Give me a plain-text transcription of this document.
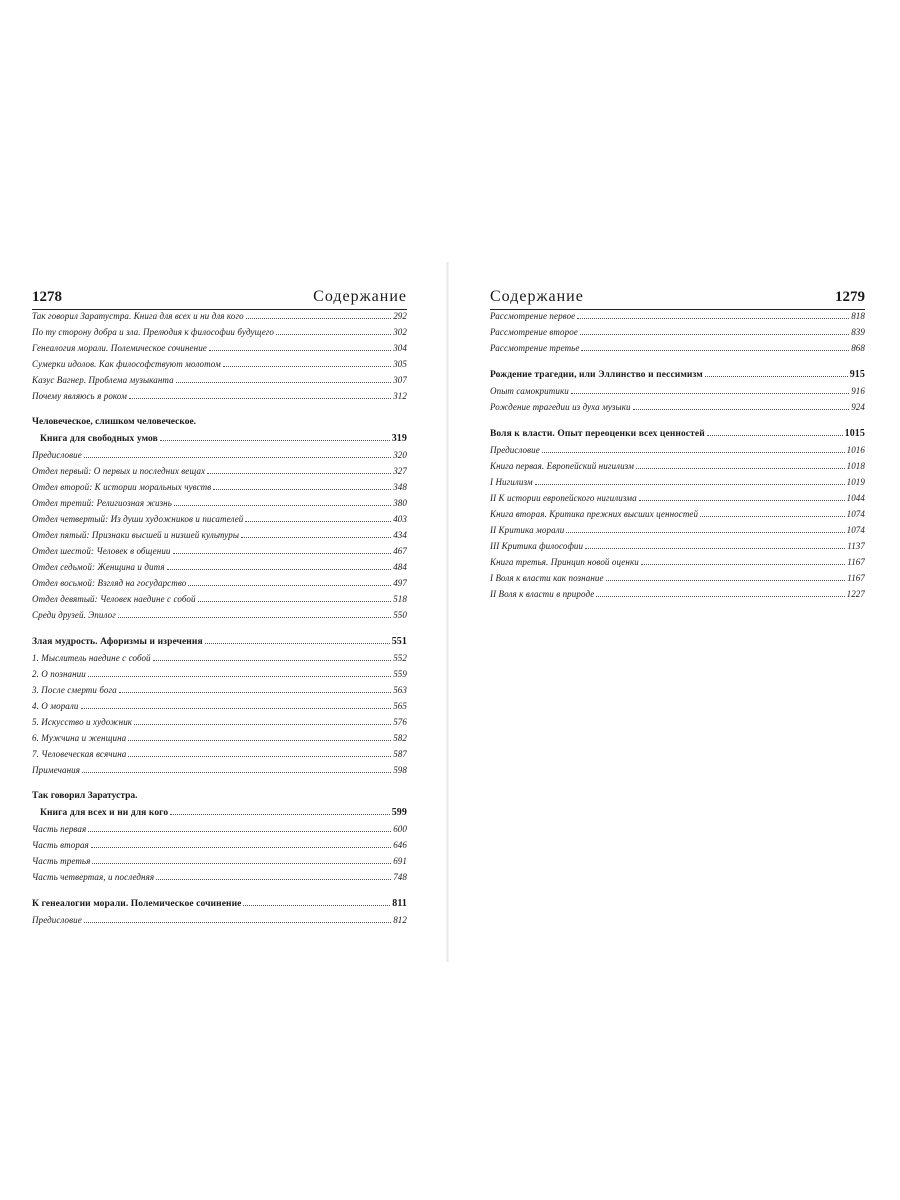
1278	Содержание
Так говорил Заратустра. Книга для всех и ни для кого	292
По ту сторону добра и зла. Прелюдия к философии будущего	302
Генеалогия морали. Полемическое сочинение	304
Сумерки идолов. Как философствуют молотом	305
Казус Вагнер. Проблема музыканта	307
Почему являюсь я роком	312
Человеческое, слишком человеческое.
Книга для свободных умов	319
Предисловие	320
Отдел первый: О первых и последних вещах	327
Отдел второй: К истории моральных чувств	348
Отдел третий: Религиозная жизнь	380
Отдел четвертый: Из души художников и писателей	403
Отдел пятый: Признаки высшей и низшей культуры	434
Отдел шестой: Человек в общении	467
Отдел седьмой: Женщина и дитя	484
Отдел восьмой: Взгляд на государство	497
Отдел девятый: Человек наедине с собой	518
Среди друзей. Эпилог	550
Злая мудрость. Афоризмы и изречения	551
1. Мыслитель наедине с собой	552
2. О познании	559
3. После смерти бога	563
4. О морали	565
5. Искусство и художник	576
6. Мужчина и женщина	582
7. Человеческая всячина	587
Примечания	598
Так говорил Заратустра.
Книга для всех и ни для кого	599
Часть первая	600
Часть вторая	646
Часть третья	691
Часть четвертая, и последняя	748
К генеалогии морали. Полемическое сочинение	811
Предисловие	812
Содержание	1279
Рассмотрение первое	818
Рассмотрение второе	839
Рассмотрение третье	868
Рождение трагедии, или Эллинство и пессимизм	915
Опыт самокритики	916
Рождение трагедии из духа музыки	924
Воля к власти. Опыт переоценки всех ценностей	1015
Предисловие	1016
Книга первая. Европейский нигилизм	1018
I Нигилизм	1019
II К истории европейского нигилизма	1044
Книга вторая. Критика прежних высших ценностей	1074
II Критика морали	1074
III Критика философии	1137
Книга третья. Принцип новой оценки	1167
I Воля к власти как познание	1167
II Воля к власти в природе	1227
